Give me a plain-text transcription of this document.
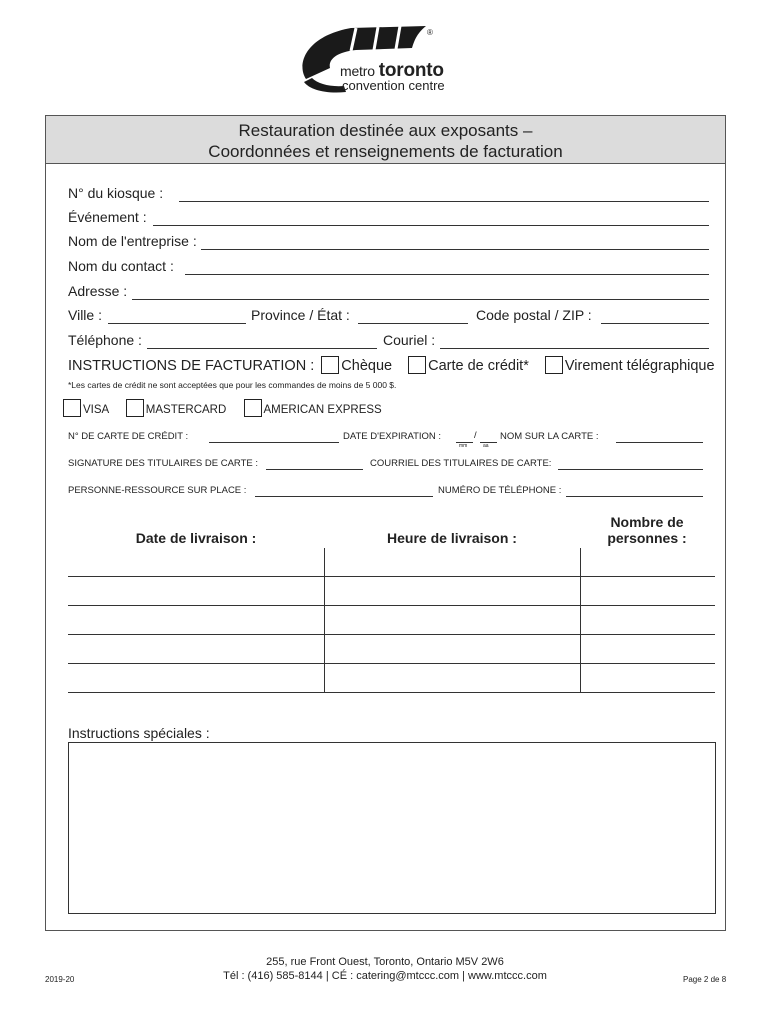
®
metro toronto
convention centre
Restauration destinée aux exposants –
Coordonnées et renseignements de facturation
N° du kiosque :
Événement :
Nom de l'entreprise :
Nom du contact :
Adresse :
Ville :	Province / État :	Code postal / ZIP :
Téléphone :	Couriel :
INSTRUCTIONS DE FACTURATION : Chèque Carte de crédit* Virement télégraphique
*Les cartes de crédit ne sont acceptées que pour les commandes de moins de 5 000 $.
VISA	MASTERCARD	AMERICAN EXPRESS
N° DE CARTE DE CRÉDIT :	DATE D'EXPIRATION :	/
mm	aa
NOM SUR LA CARTE :
SIGNATURE DES TITULAIRES DE CARTE :	COURRIEL DES TITULAIRES DE CARTE:
PERSONNE-RESSOURCE SUR PLACE :	NUMÉRO DE TÉLÉPHONE :
Date de livraison :	Heure de livraison :
Nombre de
personnes :
Instructions spéciales :
255, rue Front Ouest, Toronto, Ontario M5V 2W6
Tél : (416) 585-8144 | CÉ : catering@mtccc.com | www.mtccc.com
2019-20	Page 2 de 8
